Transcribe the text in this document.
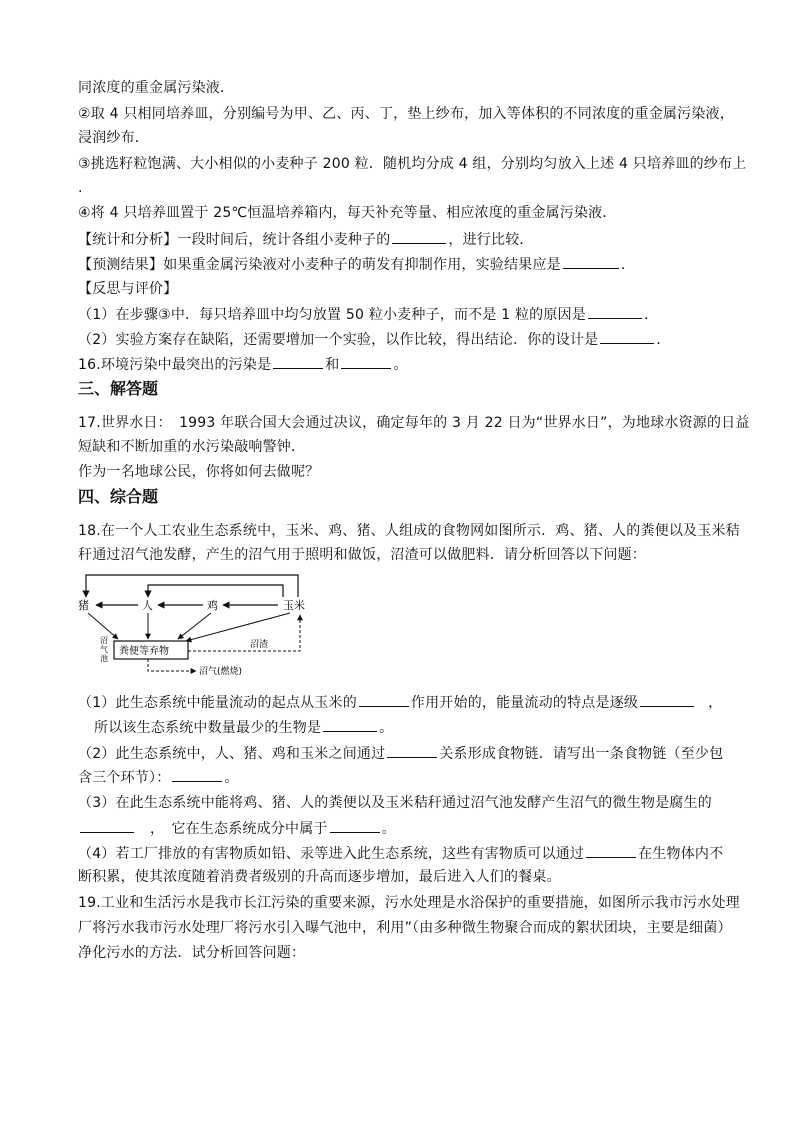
同浓度的重金属污染液．
②取 4 只相同培养皿，分别编号为甲、乙、丙、丁，垫上纱布，加入等体积的不同浓度的重金属污染液，
浸润纱布．
③挑选籽粒饱满、大小相似的小麦种子 200 粒．随机均分成 4 组，分别均匀放入上述 4 只培养皿的纱布上
.
④将 4 只培养皿置于 25℃恒温培养箱内，每天补充等量、相应浓度的重金属污染液．
【统计和分析】一段时间后，统计各组小麦种子的	，进行比较．
【预测结果】如果重金属污染液对小麦种子的萌发有抑制作用，实验结果应是	．
【反思与评价】
（1）在步骤③中．每只培养皿中均匀放置 50 粒小麦种子，而不是 1 粒的原因是	．
（2）实验方案存在缺陷，还需要增加一个实验，以作比较，得出结论．你的设计是	．
16.环境污染中最突出的污染是	和	。
三、解答题
17.世界水日：　1993 年联合国大会通过决议，确定每年的 3 月 22 日为“世界水日”，为地球水资源的日益
短缺和不断加重的水污染敲响警钟．
作为一名地球公民，你将如何去做呢？
四、综合题
18.在一个人工农业生态系统中，玉米、鸡、猪、人组成的食物网如图所示．鸡、猪、人的粪便以及玉米秸
秆通过沼气池发酵，产生的沼气用于照明和做饭，沼渣可以做肥料．请分析回答以下问题：
猪	人	鸡	玉米
粪便等弃物
沼
气
池
沼渣
沼气(燃烧)
（1）此生态系统中能量流动的起点从玉米的	作用开始的，能量流动的特点是逐级	，
所以该生态系统中数量最少的生物是	。
（2）此生态系统中，人、猪、鸡和玉米之间通过	关系形成食物链．请写出一条食物链（至少包
含三个环节）：	。
（3）在此生态系统中能将鸡、猪、人的粪便以及玉米秸秆通过沼气池发酵产生沼气的微生物是腐生的
，　它在生态系统成分中属于	。
（4）若工厂排放的有害物质如铅、汞等进入此生态系统，这些有害物质可以通过	在生物体内不
断积累，使其浓度随着消费者级别的升高而逐步增加，最后进入人们的餐桌。
19.工业和生活污水是我市长江污染的重要来源，污水处理是水浴保护的重要措施，如图所示我市污水处理
厂将污水我市污水处理厂将污水引入曝气池中，利用”（由多种微生物聚合而成的絮状团块，主要是细菌）
净化污水的方法．试分析回答问题：
